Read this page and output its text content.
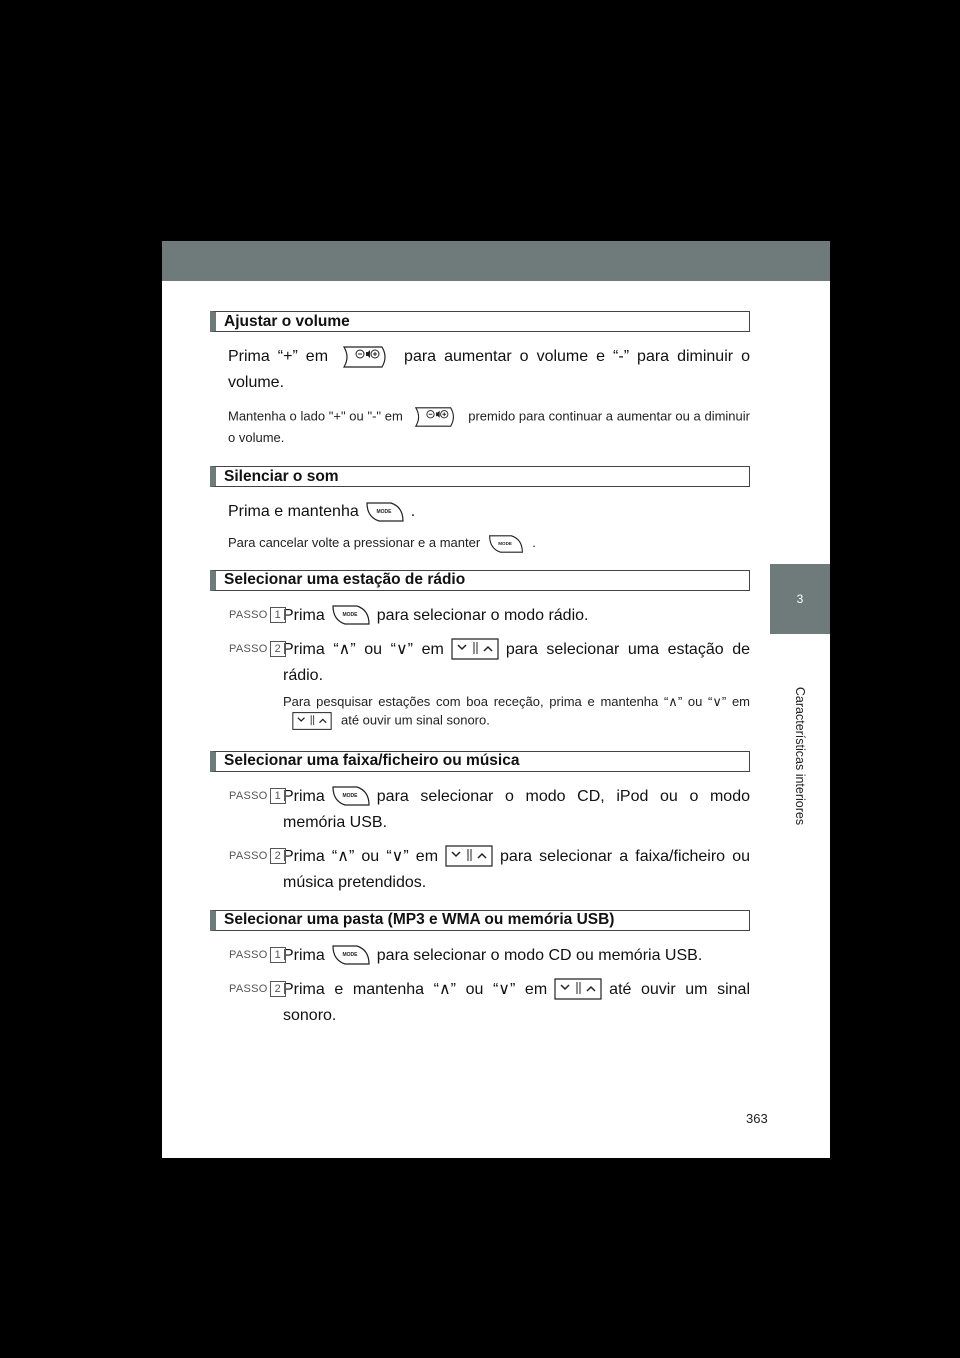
3
Características interiores
Ajustar o volume
Prima “+” em	para aumentar o volume e “-” para diminuir o volume.
Mantenha o lado "+" ou "-" em	premido para continuar a aumentar ou a diminuir o volume.
Silenciar o som
Prima e mantenha	.
Para cancelar volte a pressionar e a manter	.
Selecionar uma estação de rádio
PASSO 1 Prima	para selecionar o modo rádio.
PASSO 2 Prima “∧” ou “∨” em	para selecionar uma estação de rádio.
Para pesquisar estações com boa receção, prima e mantenha “∧” ou “∨” em
até ouvir um sinal sonoro.
Selecionar uma faixa/ficheiro ou música
PASSO 1 Prima	para selecionar o modo CD, iPod ou o modo memória USB.
PASSO 2 Prima “∧” ou “∨” em	para selecionar a faixa/ficheiro ou música pretendidos.
Selecionar uma pasta (MP3 e WMA ou memória USB)
PASSO 1 Prima	para selecionar o modo CD ou memória USB.
PASSO 2 Prima e mantenha “∧” ou “∨” em	até ouvir um sinal sonoro.
363
